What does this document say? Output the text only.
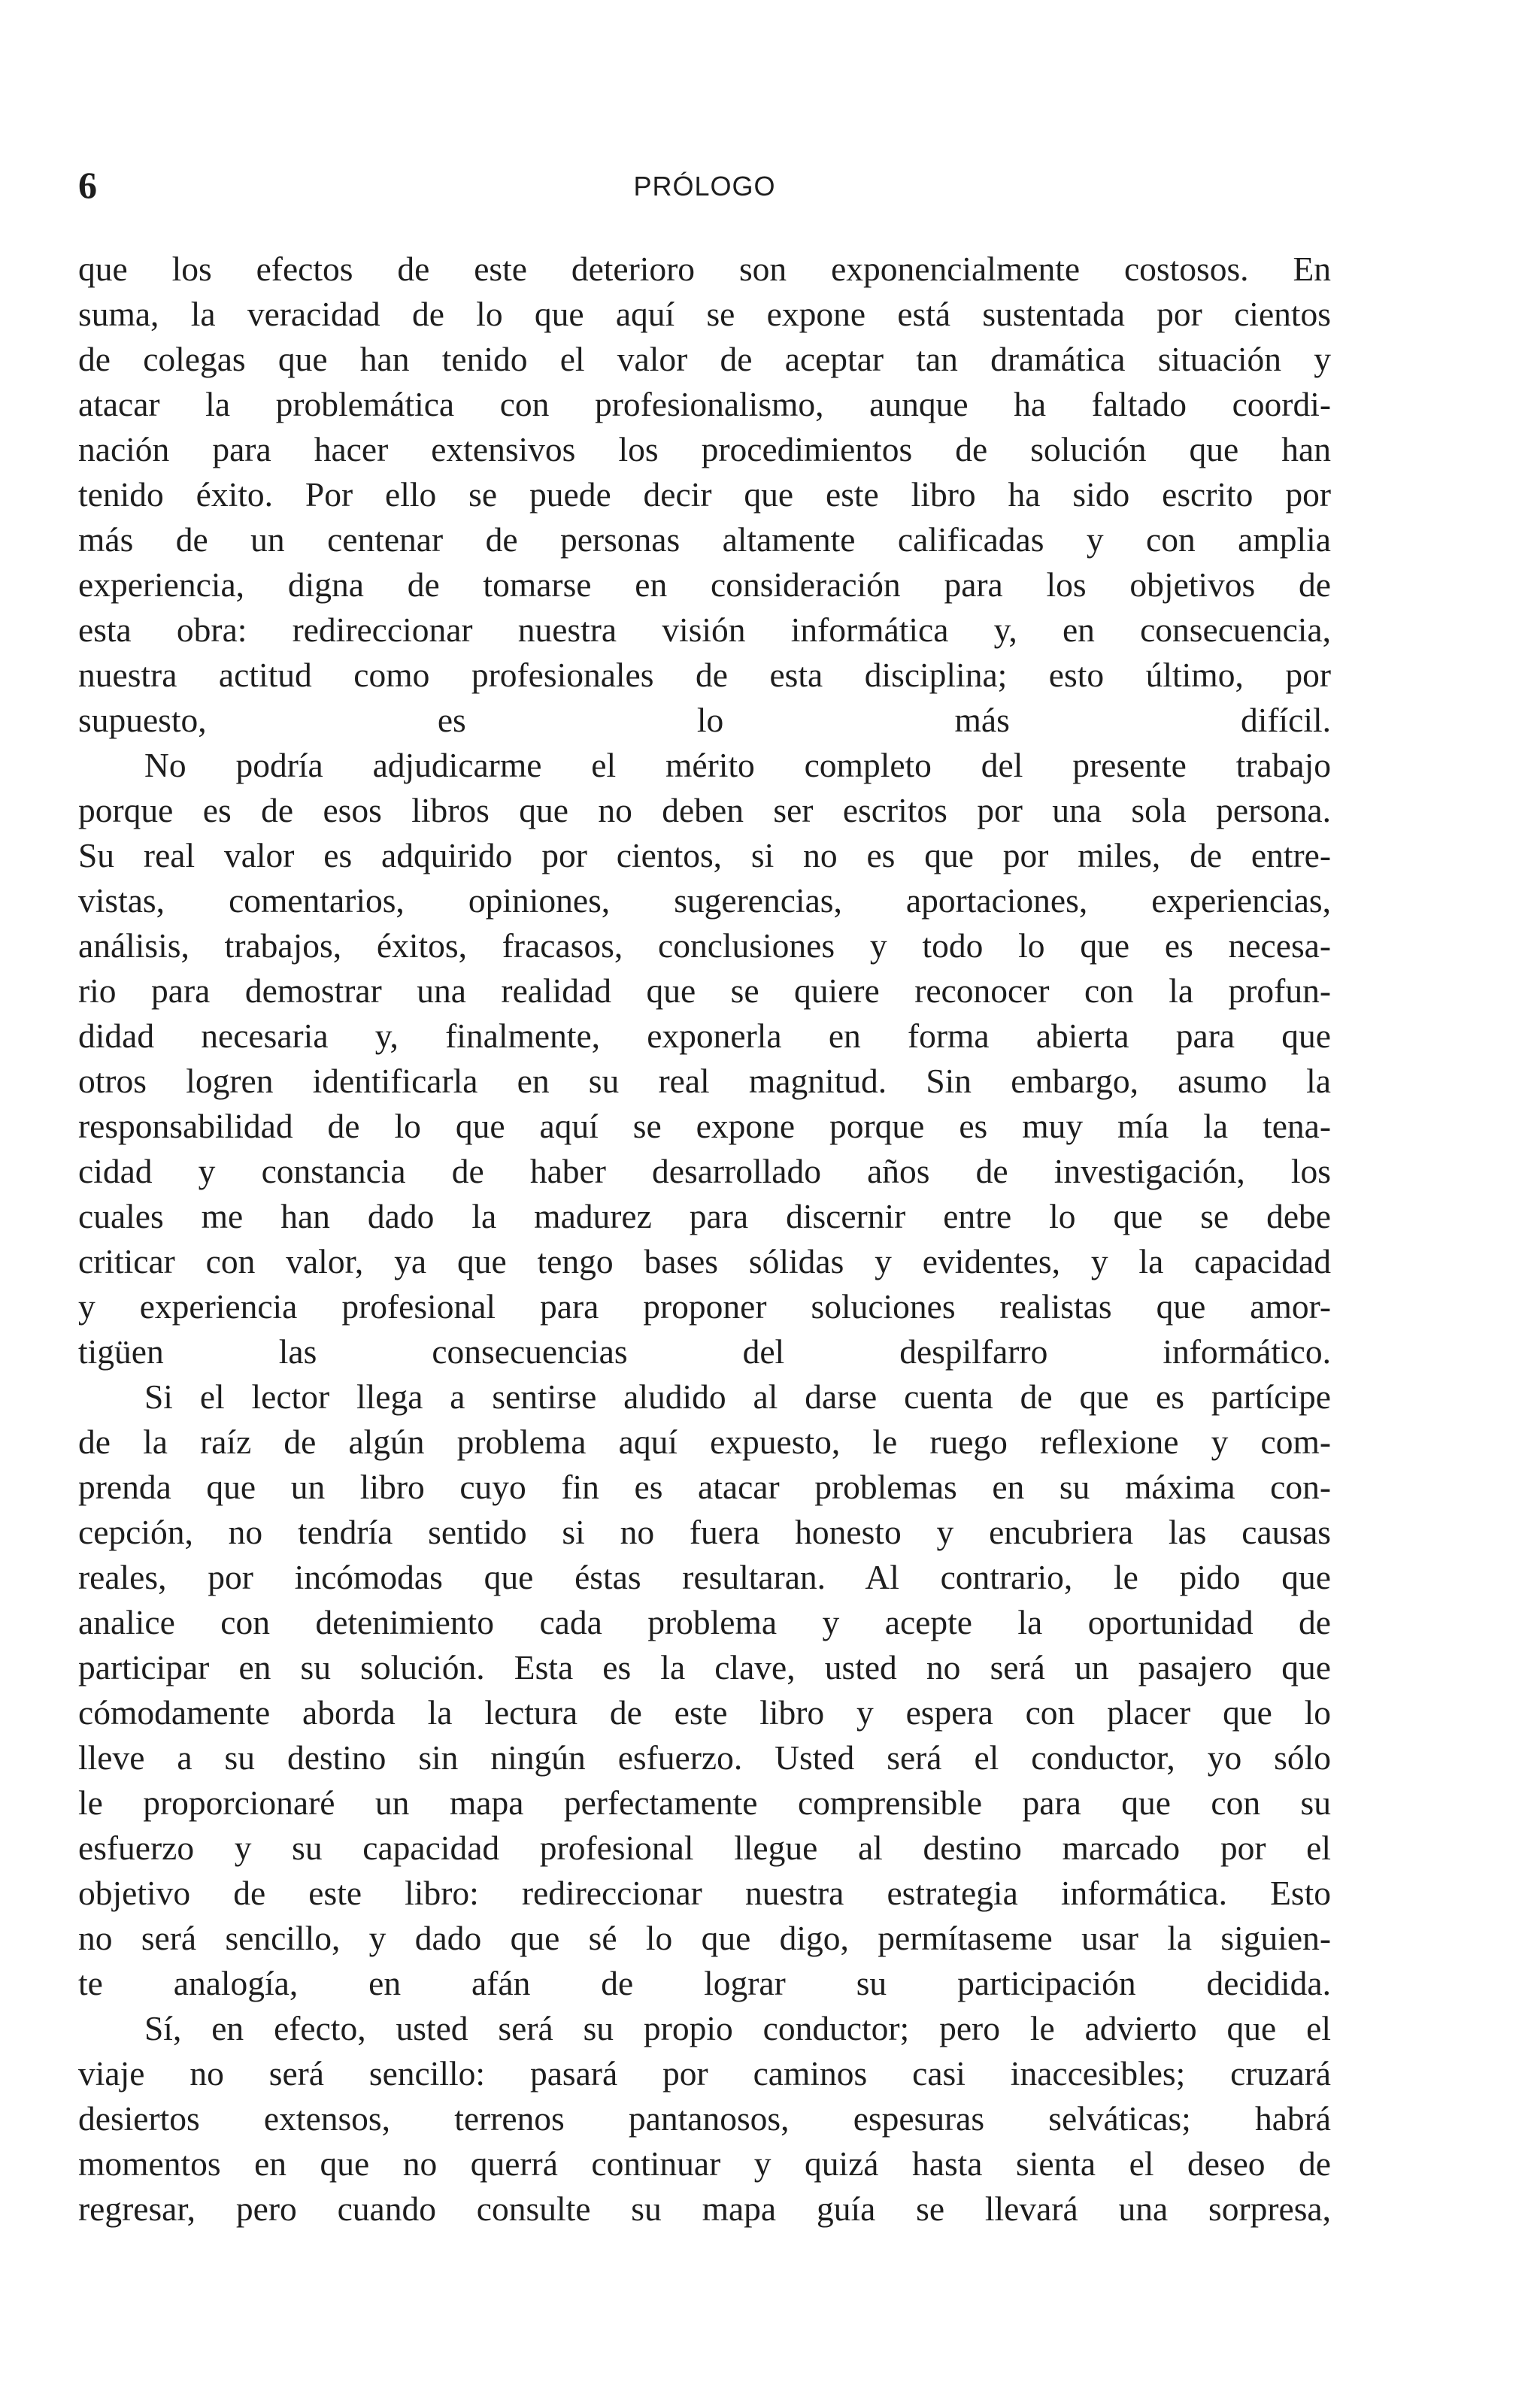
6	PRÓLOGO

que los efectos de este deterioro son exponencialmente costosos. En
suma, la veracidad de lo que aquí se expone está sustentada por cientos
de colegas que han tenido el valor de aceptar tan dramática situación y
atacar la problemática con profesionalismo, aunque ha faltado coordi-
nación para hacer extensivos los procedimientos de solución que han
tenido éxito. Por ello se puede decir que este libro ha sido escrito por
más de un centenar de personas altamente calificadas y con amplia
experiencia, digna de tomarse en consideración para los objetivos de
esta obra: redireccionar nuestra visión informática y, en consecuencia,
nuestra actitud como profesionales de esta disciplina; esto último, por
supuesto, es lo más difícil.

No podría adjudicarme el mérito completo del presente trabajo
porque es de esos libros que no deben ser escritos por una sola persona.
Su real valor es adquirido por cientos, si no es que por miles, de entre-
vistas, comentarios, opiniones, sugerencias, aportaciones, experiencias,
análisis, trabajos, éxitos, fracasos, conclusiones y todo lo que es necesa-
rio para demostrar una realidad que se quiere reconocer con la profun-
didad necesaria y, finalmente, exponerla en forma abierta para que
otros logren identificarla en su real magnitud. Sin embargo, asumo la
responsabilidad de lo que aquí se expone porque es muy mía la tena-
cidad y constancia de haber desarrollado años de investigación, los
cuales me han dado la madurez para discernir entre lo que se debe
criticar con valor, ya que tengo bases sólidas y evidentes, y la capacidad
y experiencia profesional para proponer soluciones realistas que amor-
tigüen las consecuencias del despilfarro informático.

Si el lector llega a sentirse aludido al darse cuenta de que es partícipe
de la raíz de algún problema aquí expuesto, le ruego reflexione y com-
prenda que un libro cuyo fin es atacar problemas en su máxima con-
cepción, no tendría sentido si no fuera honesto y encubriera las causas
reales, por incómodas que éstas resultaran. Al contrario, le pido que
analice con detenimiento cada problema y acepte la oportunidad de
participar en su solución. Esta es la clave, usted no será un pasajero que
cómodamente aborda la lectura de este libro y espera con placer que lo
lleve a su destino sin ningún esfuerzo. Usted será el conductor, yo sólo
le proporcionaré un mapa perfectamente comprensible para que con su
esfuerzo y su capacidad profesional llegue al destino marcado por el
objetivo de este libro: redireccionar nuestra estrategia informática. Esto
no será sencillo, y dado que sé lo que digo, permítaseme usar la siguien-
te analogía, en afán de lograr su participación decidida.

Sí, en efecto, usted será su propio conductor; pero le advierto que el
viaje no será sencillo: pasará por caminos casi inaccesibles; cruzará
desiertos extensos, terrenos pantanosos, espesuras selváticas; habrá
momentos en que no querrá continuar y quizá hasta sienta el deseo de
regresar, pero cuando consulte su mapa guía se llevará una sorpresa,
